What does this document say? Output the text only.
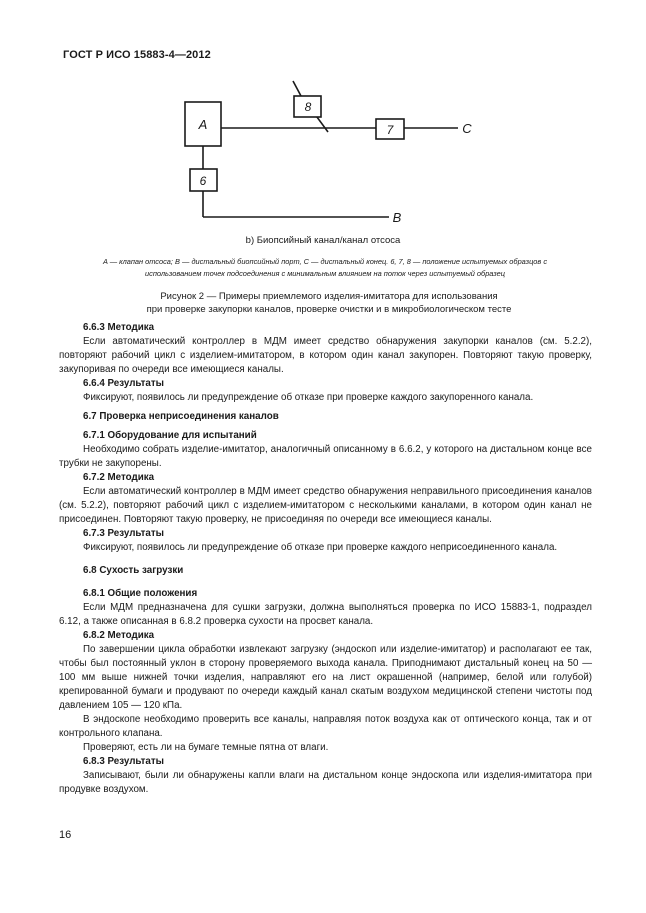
ГОСТ Р ИСО 15883-4—2012
A
8
7
6
C
B
b) Биопсийный канал/канал отсоса
A — клапан отсоса; B — дистальный биопсийный порт, C — дистальный конец. 6, 7, 8 — положение испытуемых образцов с
использованием точек подсоединения с минимальным влиянием на поток через испытуемый образец
Рисунок 2 — Примеры приемлемого изделия-имитатора для использования
при проверке закупорки каналов, проверке очистки и в микробиологическом тесте

6.6.3 Методика

Если автоматический контроллер в МДМ имеет средство обнаружения закупорки каналов (см. 5.2.2), повторяют рабочий цикл с изделием-имитатором, в котором один канал закупорен. Повторяют такую проверку, закупоривая по очереди все имеющиеся каналы.

6.6.4 Результаты

Фиксируют, появилось ли предупреждение об отказе при проверке каждого закупоренного канала.

6.7 Проверка неприсоединения каналов

6.7.1 Оборудование для испытаний

Необходимо собрать изделие-имитатор, аналогичный описанному в 6.6.2, у которого на дистальном конце все трубки не закупорены.

6.7.2 Методика

Если автоматический контроллер в МДМ имеет средство обнаружения неправильного присоединения каналов (см. 5.2.2), повторяют рабочий цикл с изделием-имитатором с несколькими каналами, в котором один канал не присоединен. Повторяют такую проверку, не присоединяя по очереди все имеющиеся каналы.

6.7.3 Результаты

Фиксируют, появилось ли предупреждение об отказе при проверке каждого неприсоединенного канала.

6.8 Сухость загрузки

6.8.1 Общие положения

Если МДМ предназначена для сушки загрузки, должна выполняться проверка по ИСО 15883-1, подраздел 6.12, а также описанная в 6.8.2 проверка сухости на просвет канала.

6.8.2 Методика

По завершении цикла обработки извлекают загрузку (эндоскоп или изделие-имитатор) и располагают ее так, чтобы был постоянный уклон в сторону проверяемого выхода канала. Приподнимают дистальный конец на 50 — 100 мм выше нижней точки изделия, направляют его на лист окрашенной (например, белой или голубой) крепированной бумаги и продувают по очереди каждый канал скатым воздухом медицинской степени чистоты под давлением 105 — 120 кПа.

В эндоскопе необходимо проверить все каналы, направляя поток воздуха как от оптического конца, так и от контрольного клапана.

Проверяют, есть ли на бумаге темные пятна от влаги.

6.8.3 Результаты

Записывают, были ли обнаружены капли влаги на дистальном конце эндоскопа или изделия-имитатора при продувке воздухом.

16
